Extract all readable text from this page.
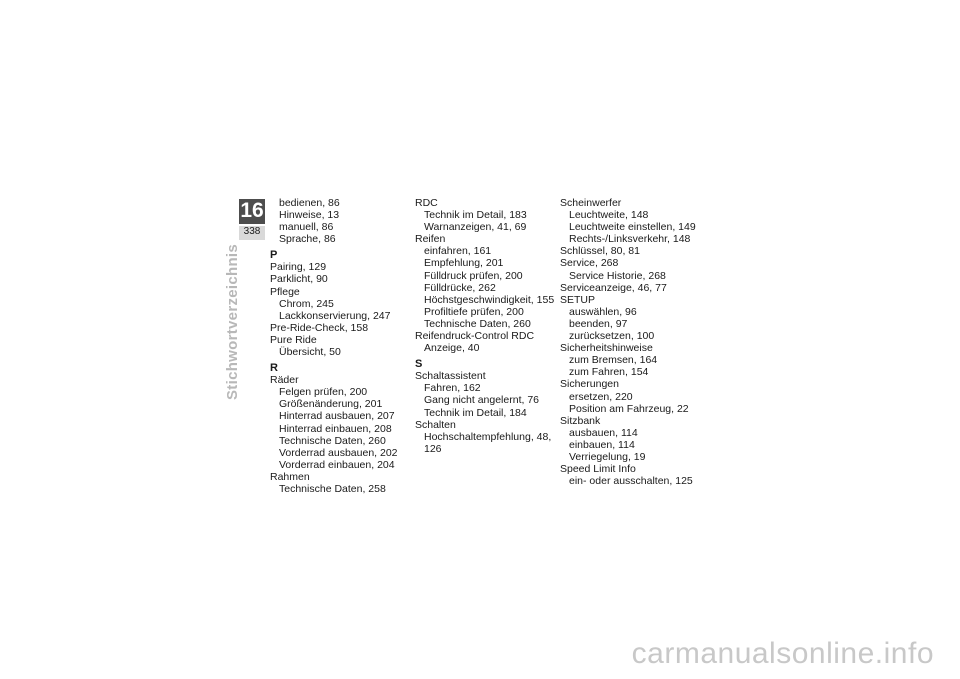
16
338
Stichwortverzeichnis
bedienen, 86
Hinweise, 13
manuell, 86
Sprache, 86
P
Pairing, 129
Parklicht, 90
Pflege
Chrom, 245
Lackkonservierung, 247
Pre-Ride-Check, 158
Pure Ride
Übersicht, 50
R
Räder
Felgen prüfen, 200
Größenänderung, 201
Hinterrad ausbauen, 207
Hinterrad einbauen, 208
Technische Daten, 260
Vorderrad ausbauen, 202
Vorderrad einbauen, 204
Rahmen
Technische Daten, 258
RDC
Technik im Detail, 183
Warnanzeigen, 41, 69
Reifen
einfahren, 161
Empfehlung, 201
Fülldruck prüfen, 200
Fülldrücke, 262
Höchstgeschwindigkeit, 155
Profiltiefe prüfen, 200
Technische Daten, 260
Reifendruck-Control RDC
Anzeige, 40
S
Schaltassistent
Fahren, 162
Gang nicht angelernt, 76
Technik im Detail, 184
Schalten
Hochschaltempfehlung, 48,
126
Scheinwerfer
Leuchtweite, 148
Leuchtweite einstellen, 149
Rechts-/Linksverkehr, 148
Schlüssel, 80, 81
Service, 268
Service Historie, 268
Serviceanzeige, 46, 77
SETUP
auswählen, 96
beenden, 97
zurücksetzen, 100
Sicherheitshinweise
zum Bremsen, 164
zum Fahren, 154
Sicherungen
ersetzen, 220
Position am Fahrzeug, 22
Sitzbank
ausbauen, 114
einbauen, 114
Verriegelung, 19
Speed Limit Info
ein- oder ausschalten, 125
carmanualsonline.info
